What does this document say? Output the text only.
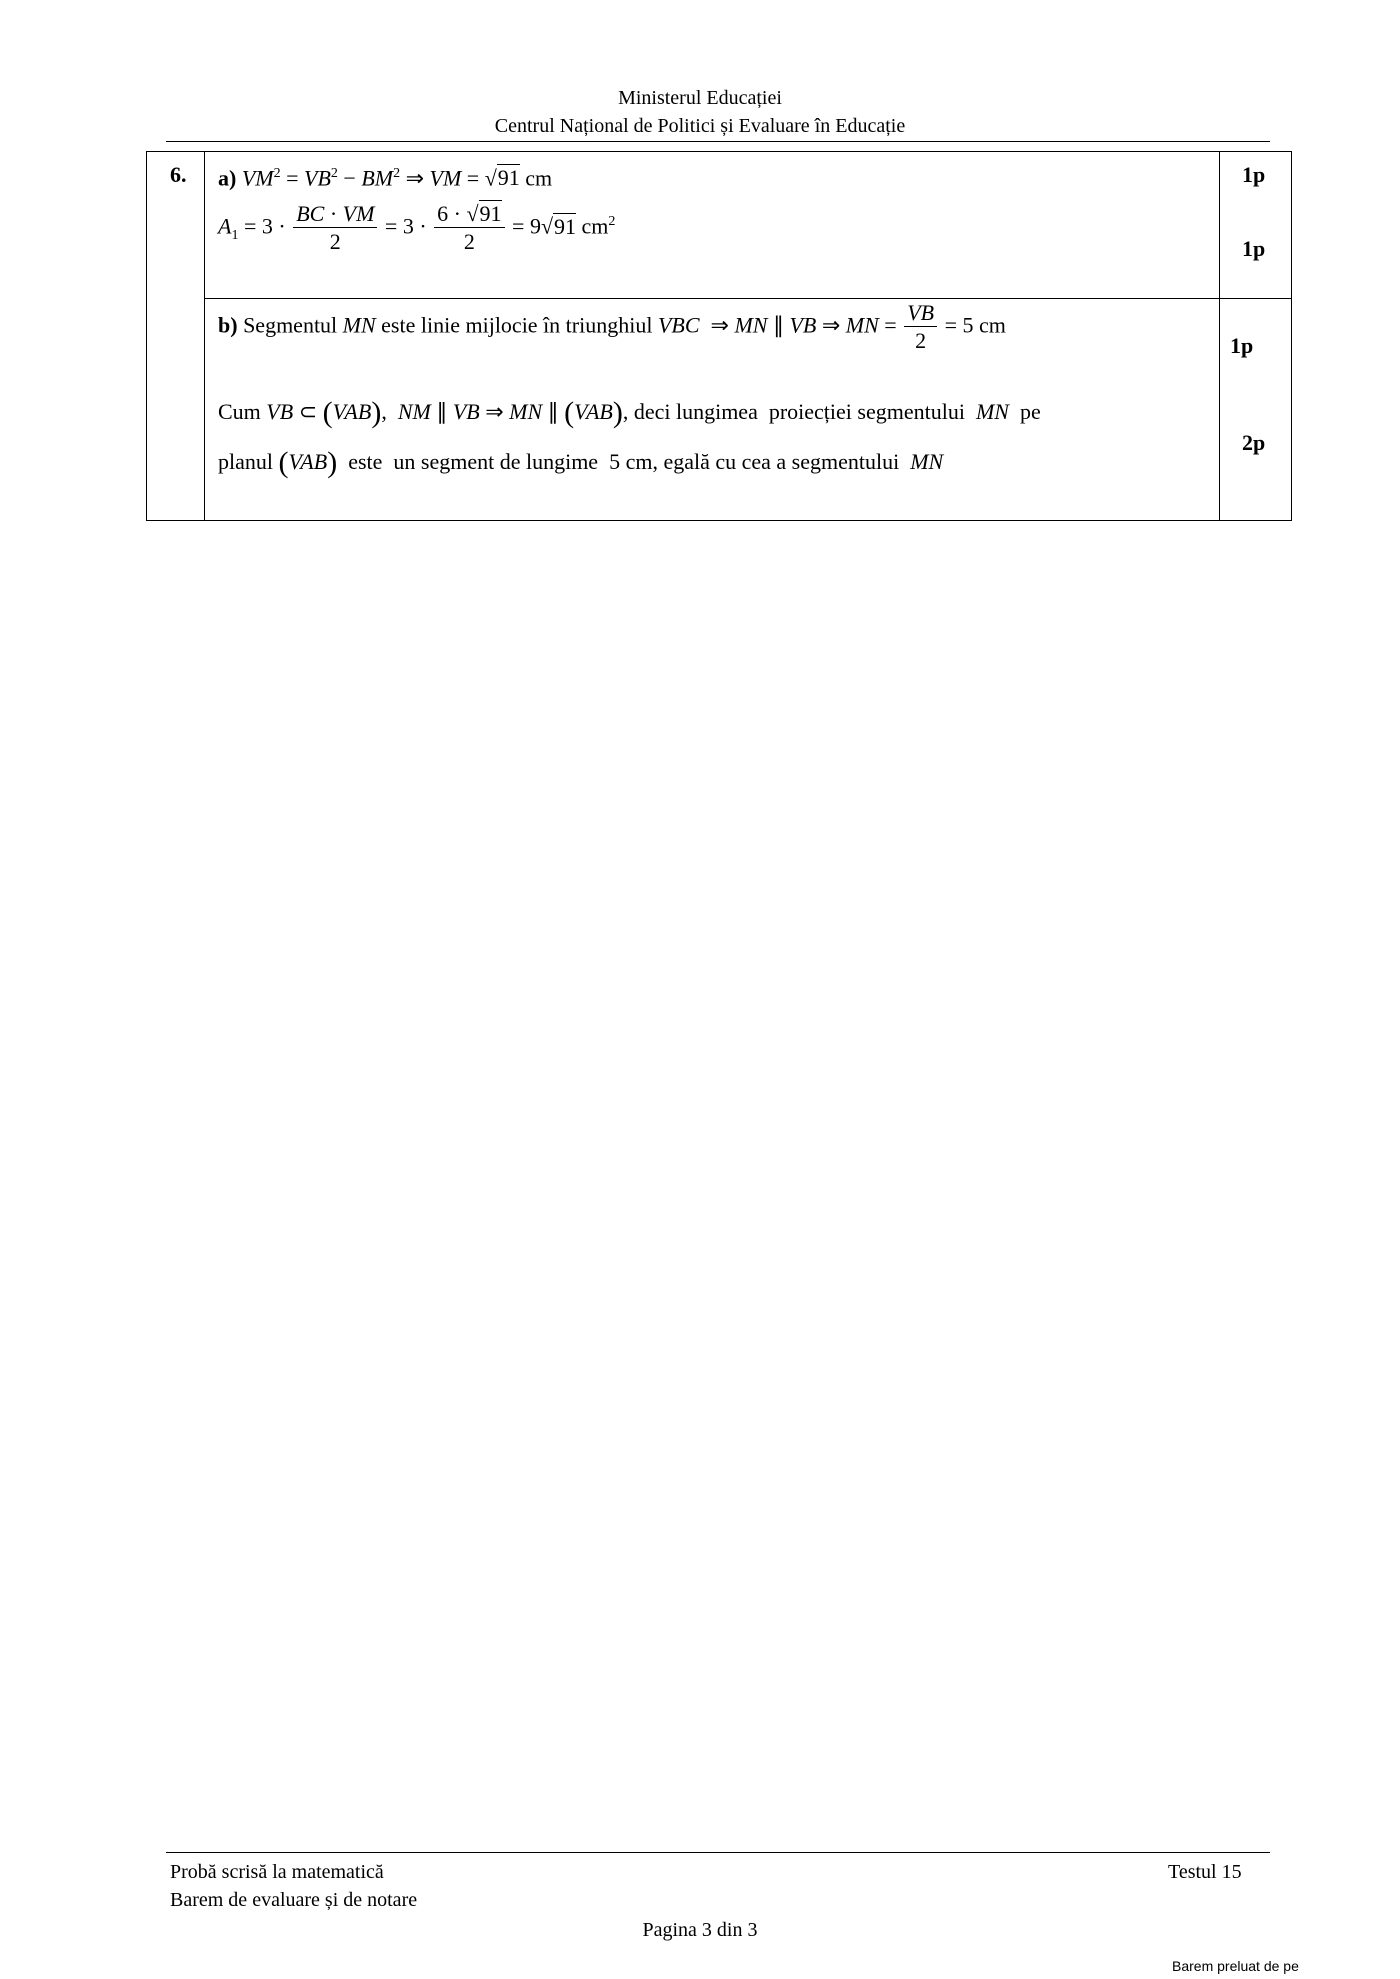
Ministerul Educației
Centrul Național de Politici și Evaluare în Educație
6. a) $VM^2 = VB^2 - BM^2$ ⇒ VM = √91 cm
$A_1 = 3 \cdot \frac{BC \cdot VM}{2} = 3 \cdot \frac{6 \cdot √91}{2} = 9√91$ $cm^2$
1p
1p
b) Segmentul MN este linie mijlocie în triunghiul VBC  ⇒ MN ∥ VB ⇒ MN = $\frac{VB}{2} = 5$ cm
1p
Cum VB ⊂ (VAB),  NM ∥ VB ⇒ MN ∥ (VAB), deci lungimea  proiecției segmentului  MN  pe
planul (VAB)  este  un segment de lungime  5 cm, egală cu cea a segmentului  MN
2p
Probă scrisă la matematică
Barem de evaluare și de notare
Testul 15
Pagina 3 din 3
Barem preluat de pe
